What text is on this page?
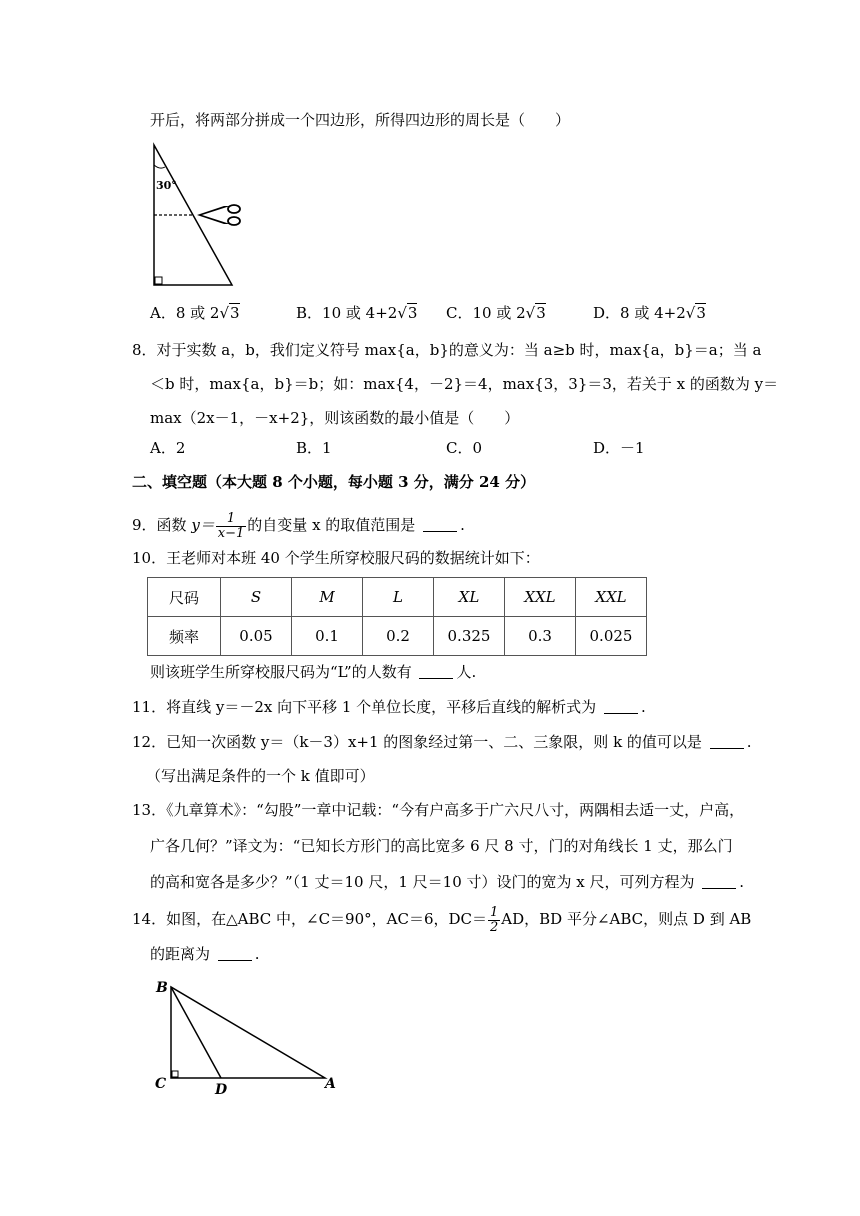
开后，将两部分拼成一个四边形，所得四边形的周长是（　　）
30°
A．8 或 2√3	B．10 或 4+2√3 C．10 或 2√3	D．8 或 4+2√3
8．对于实数 a，b，我们定义符号 max{a，b}的意义为：当 a≥b 时，max{a，b}＝a；当 a
＜b 时，max{a，b}＝b；如：max{4，－2}＝4，max{3，3}＝3，若关于 x 的函数为 y＝
max（2x－1，－x+2}，则该函数的最小值是（　　）
A．2	B．1	C．0	D．－1
二、填空题（本大题 8 个小题，每小题 3 分，满分 24 分）
9．函数 $y= \frac{1}{x-1}$ 的自变量 x 的取值范围是	.
10．王老师对本班 40 个学生所穿校服尺码的数据统计如下：
尺码	S	M	L	XL	XXL	XXL
频率	0.05	0.1	0.2	0.325	0.3	0.025
则该班学生所穿校服尺码为“L”的人数有	人.
11．将直线 y＝－2x 向下平移 1 个单位长度，平移后直线的解析式为	.
12．已知一次函数 y＝（k－3）x+1 的图象经过第一、二、三象限，则 k 的值可以是	.
（写出满足条件的一个 k 值即可）
13．《九章算术》：“勾股”一章中记载：“今有户高多于广六尺八寸，两隅相去适一丈，户高，
广各几何？”译文为：“已知长方形门的高比宽多 6 尺 8 寸，门的对角线长 1 丈，那么门
的高和宽各是多少？”（1 丈＝10 尺，1 尺＝10 寸）设门的宽为 x 尺，可列方程为	.
14．如图，在△ABC 中，∠C＝90°，AC＝6，$DC= \frac{1}{2}$ AD，BD 平分∠ABC，则点 D 到 AB
的距离为	.
B
C	D	A
